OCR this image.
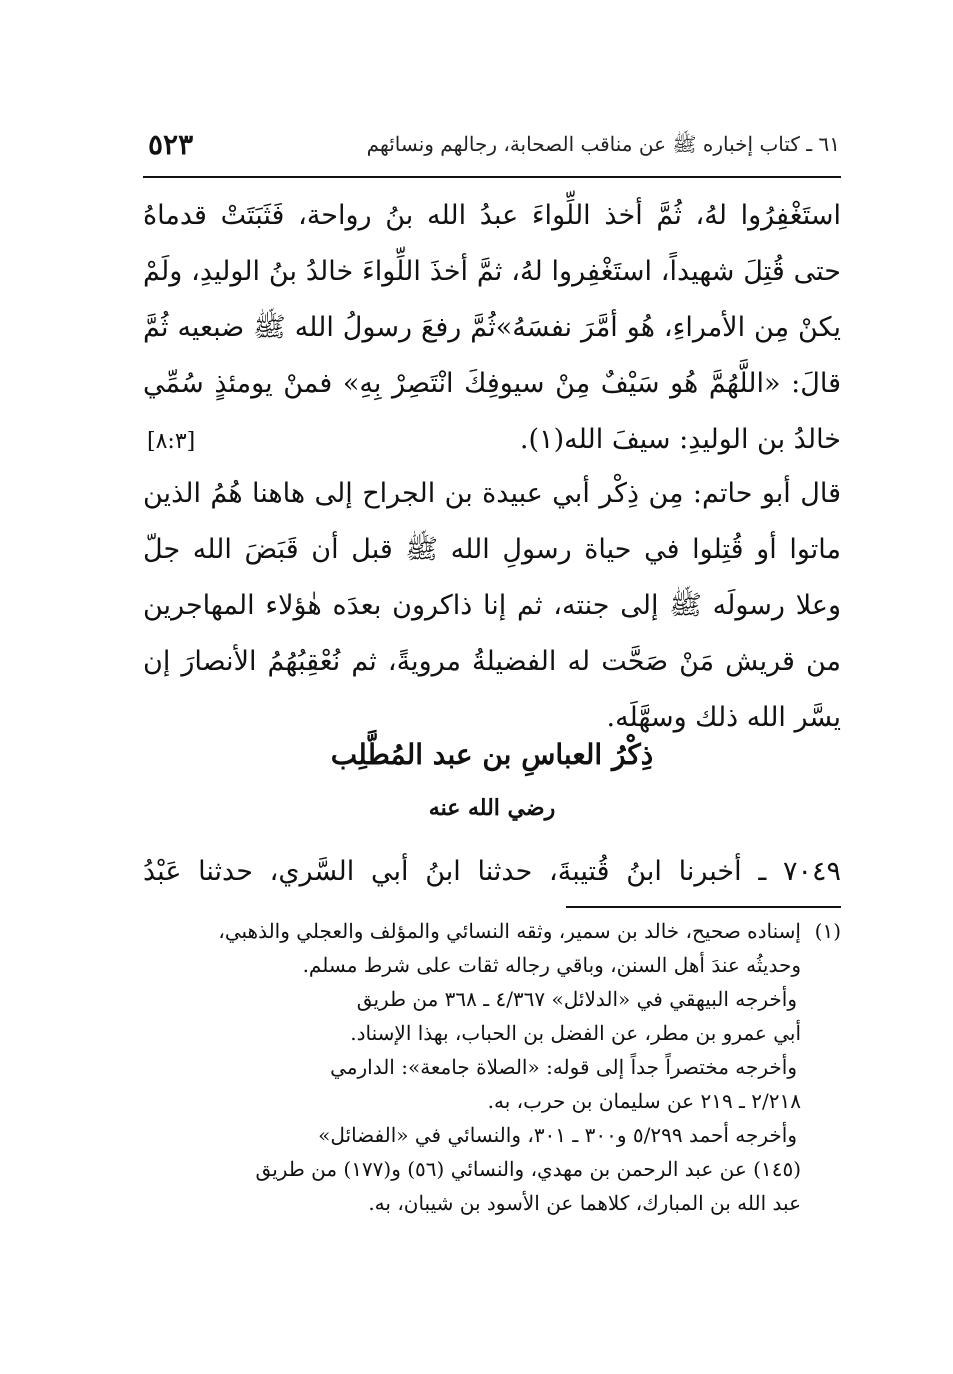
٦١ ـ كتاب إخباره ﷺ عن مناقب الصحابة، رجالهم ونسائهم
٥٢٣
استَغْفِرُوا لهُ، ثُمَّ أخذ اللِّواءَ عبدُ الله بنُ رواحة، فَثَبَتَتْ قدماهُ حتى قُتِلَ شهيداً، استَغْفِروا لهُ، ثمَّ أخذَ اللِّواءَ خالدُ بنُ الوليدِ، ولَمْ يكنْ مِن الأمراءِ، هُو أمَّرَ نفسَهُ»ثُمَّ رفعَ رسولُ الله ﷺ ضبعيه ثُمَّ قالَ: «اللَّهُمَّ هُو سَيْفٌ مِنْ سيوفِكَ انْتَصِرْ بِهِ» فمنْ يومئذٍ سُمِّي خالدُ بن الوليدِ: سيفَ الله(١).
[٨:٣]
قال أبو حاتم: مِن ذِكْر أبي عبيدة بن الجراح إلى هاهنا هُمُ الذين ماتوا أو قُتِلوا في حياة رسولِ الله ﷺ قبل أن قَبَضَ الله جلّ وعلا رسولَه ﷺ إلى جنته، ثم إنا ذاكرون بعدَه هٰؤلاء المهاجرين من قريش مَنْ صَحَّت له الفضيلةُ مرويةً، ثم نُعْقِبُهُمُ الأنصارَ إن يسَّر الله ذلك وسهَّلَه.
ذِكْرُ العباسِ بن عبد المُطَّلِب
رضي الله عنه
٧٠٤٩ ـ أخبرنا ابنُ قُتيبةَ، حدثنا ابنُ أبي السَّري، حدثنا عَبْدُ
(١)إسناده صحيح، خالد بن سمير، وثقه النسائي والمؤلف والعجلي والذهبي،
وحديثُه عندَ أهل السنن، وباقي رجاله ثقات على شرط مسلم.
وأخرجه البيهقي في «الدلائل» ٤/٣٦٧ ـ ٣٦٨ من طريق
أبي عمرو بن مطر، عن الفضل بن الحباب، بهذا الإسناد.
وأخرجه مختصراً جداً إلى قوله: «الصلاة جامعة»: الدارمي
٢/٢١٨ ـ ٢١٩ عن سليمان بن حرب، به.
وأخرجه أحمد ٥/٢٩٩ و٣٠٠ ـ ٣٠١، والنسائي في «الفضائل»
(١٤٥) عن عبد الرحمن بن مهدي، والنسائي (٥٦) و(١٧٧) من طريق
عبد الله بن المبارك، كلاهما عن الأسود بن شيبان، به.
